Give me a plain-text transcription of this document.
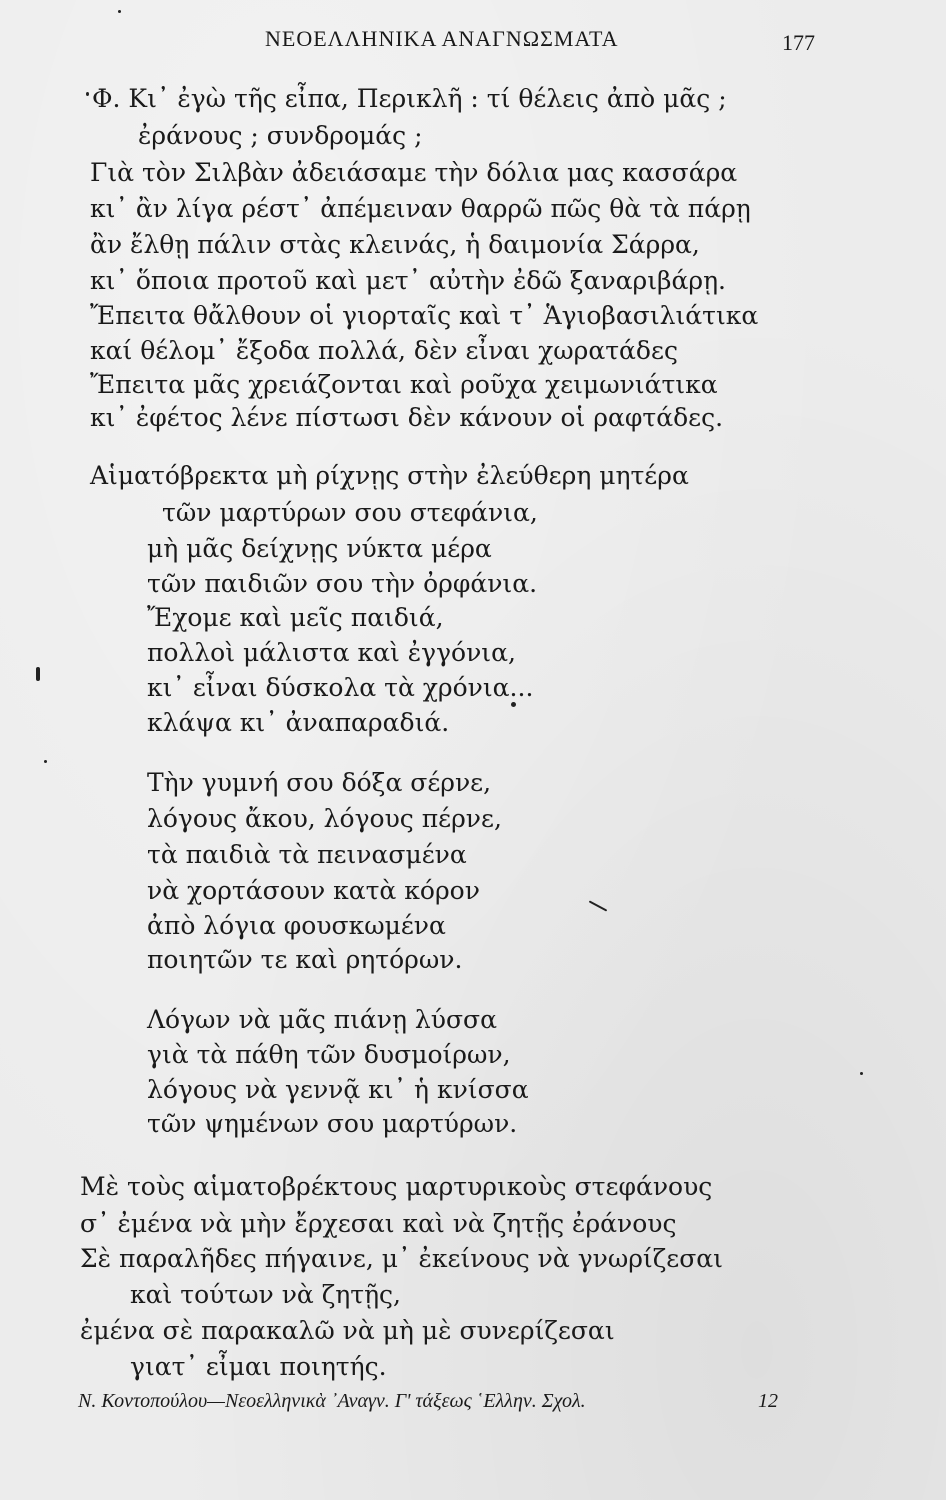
ΝΕΟΕΛΛΗΝΙΚΑ ΑΝΑΓΝΩΣΜΑΤΑ	177
Φ. Κι᾿ ἐγὼ τῆς εἶπα, Περικλῆ : τί θέλεις ἀπὸ μᾶς ;
ἐράνους ; συνδρομάς ;
Γιὰ τὸν Σιλβὰν ἀδειάσαμε τὴν δόλια μας κασσάρα
κι᾿ ἂν λίγα ρέστ᾿ ἀπέμειναν θαρρῶ πῶς θὰ τὰ πάρῃ
ἂν ἔλθῃ πάλιν στὰς κλεινάς, ἡ δαιμονία Σάρρα,
κι᾿ ὅποια προτοῦ καὶ μετ᾿ αὐτὴν ἐδῶ ξαναριβάρῃ.
Ἔπειτα θἄλθουν οἱ γιορταῖς καὶ τ᾿ Ἁγιοβασιλιάτικα
καί θέλομ᾿ ἔξοδα πολλά, δὲν εἶναι χωρατάδες
Ἔπειτα μᾶς χρειάζονται καὶ ροῦχα χειμωνιάτικα
κι᾿ ἐφέτος λένε πίστωσι δὲν κάνουν οἱ ραφτάδες.
Αἱματόβρεκτα μὴ ρίχνῃς στὴν ἐλεύθερη μητέρα
τῶν μαρτύρων σου στεφάνια,
μὴ μᾶς δείχνῃς νύκτα μέρα
τῶν παιδιῶν σου τὴν ὀρφάνια.
Ἔχομε καὶ μεῖς παιδιά,
πολλοὶ μάλιστα καὶ ἐγγόνια,
κι᾿ εἶναι δύσκολα τὰ χρόνια...
κλάψα κι᾿ ἀναπαραδιά.
Τὴν γυμνή σου δόξα σέρνε,
λόγους ἄκου, λόγους πέρνε,
τὰ παιδιὰ τὰ πεινασμένα
νὰ χορτάσουν κατὰ κόρον
ἀπὸ λόγια φουσκωμένα
ποιητῶν τε καὶ ρητόρων.
Λόγων νὰ μᾶς πιάνῃ λύσσα
γιὰ τὰ πάθη τῶν δυσμοίρων,
λόγους νὰ γεννᾷ κι᾿ ἡ κνίσσα
τῶν ψημένων σου μαρτύρων.
Μὲ τοὺς αἱματοβρέκτους μαρτυρικοὺς στεφάνους
σ᾿ ἐμένα νὰ μὴν ἔρχεσαι καὶ νὰ ζητῇς ἐράνους
Σὲ παραλῆδες πήγαινε, μ᾿ ἐκείνους νὰ γνωρίζεσαι
καὶ τούτων νὰ ζητῇς,
ἐμένα σὲ παρακαλῶ νὰ μὴ μὲ συνερίζεσαι
γιατ᾿ εἶμαι ποιητής.
Ν. Κοντοπούλου—Νεοελληνικὰ ᾿Αναγν. Γ' τάξεως ῾Ελλην. Σχολ.	12
